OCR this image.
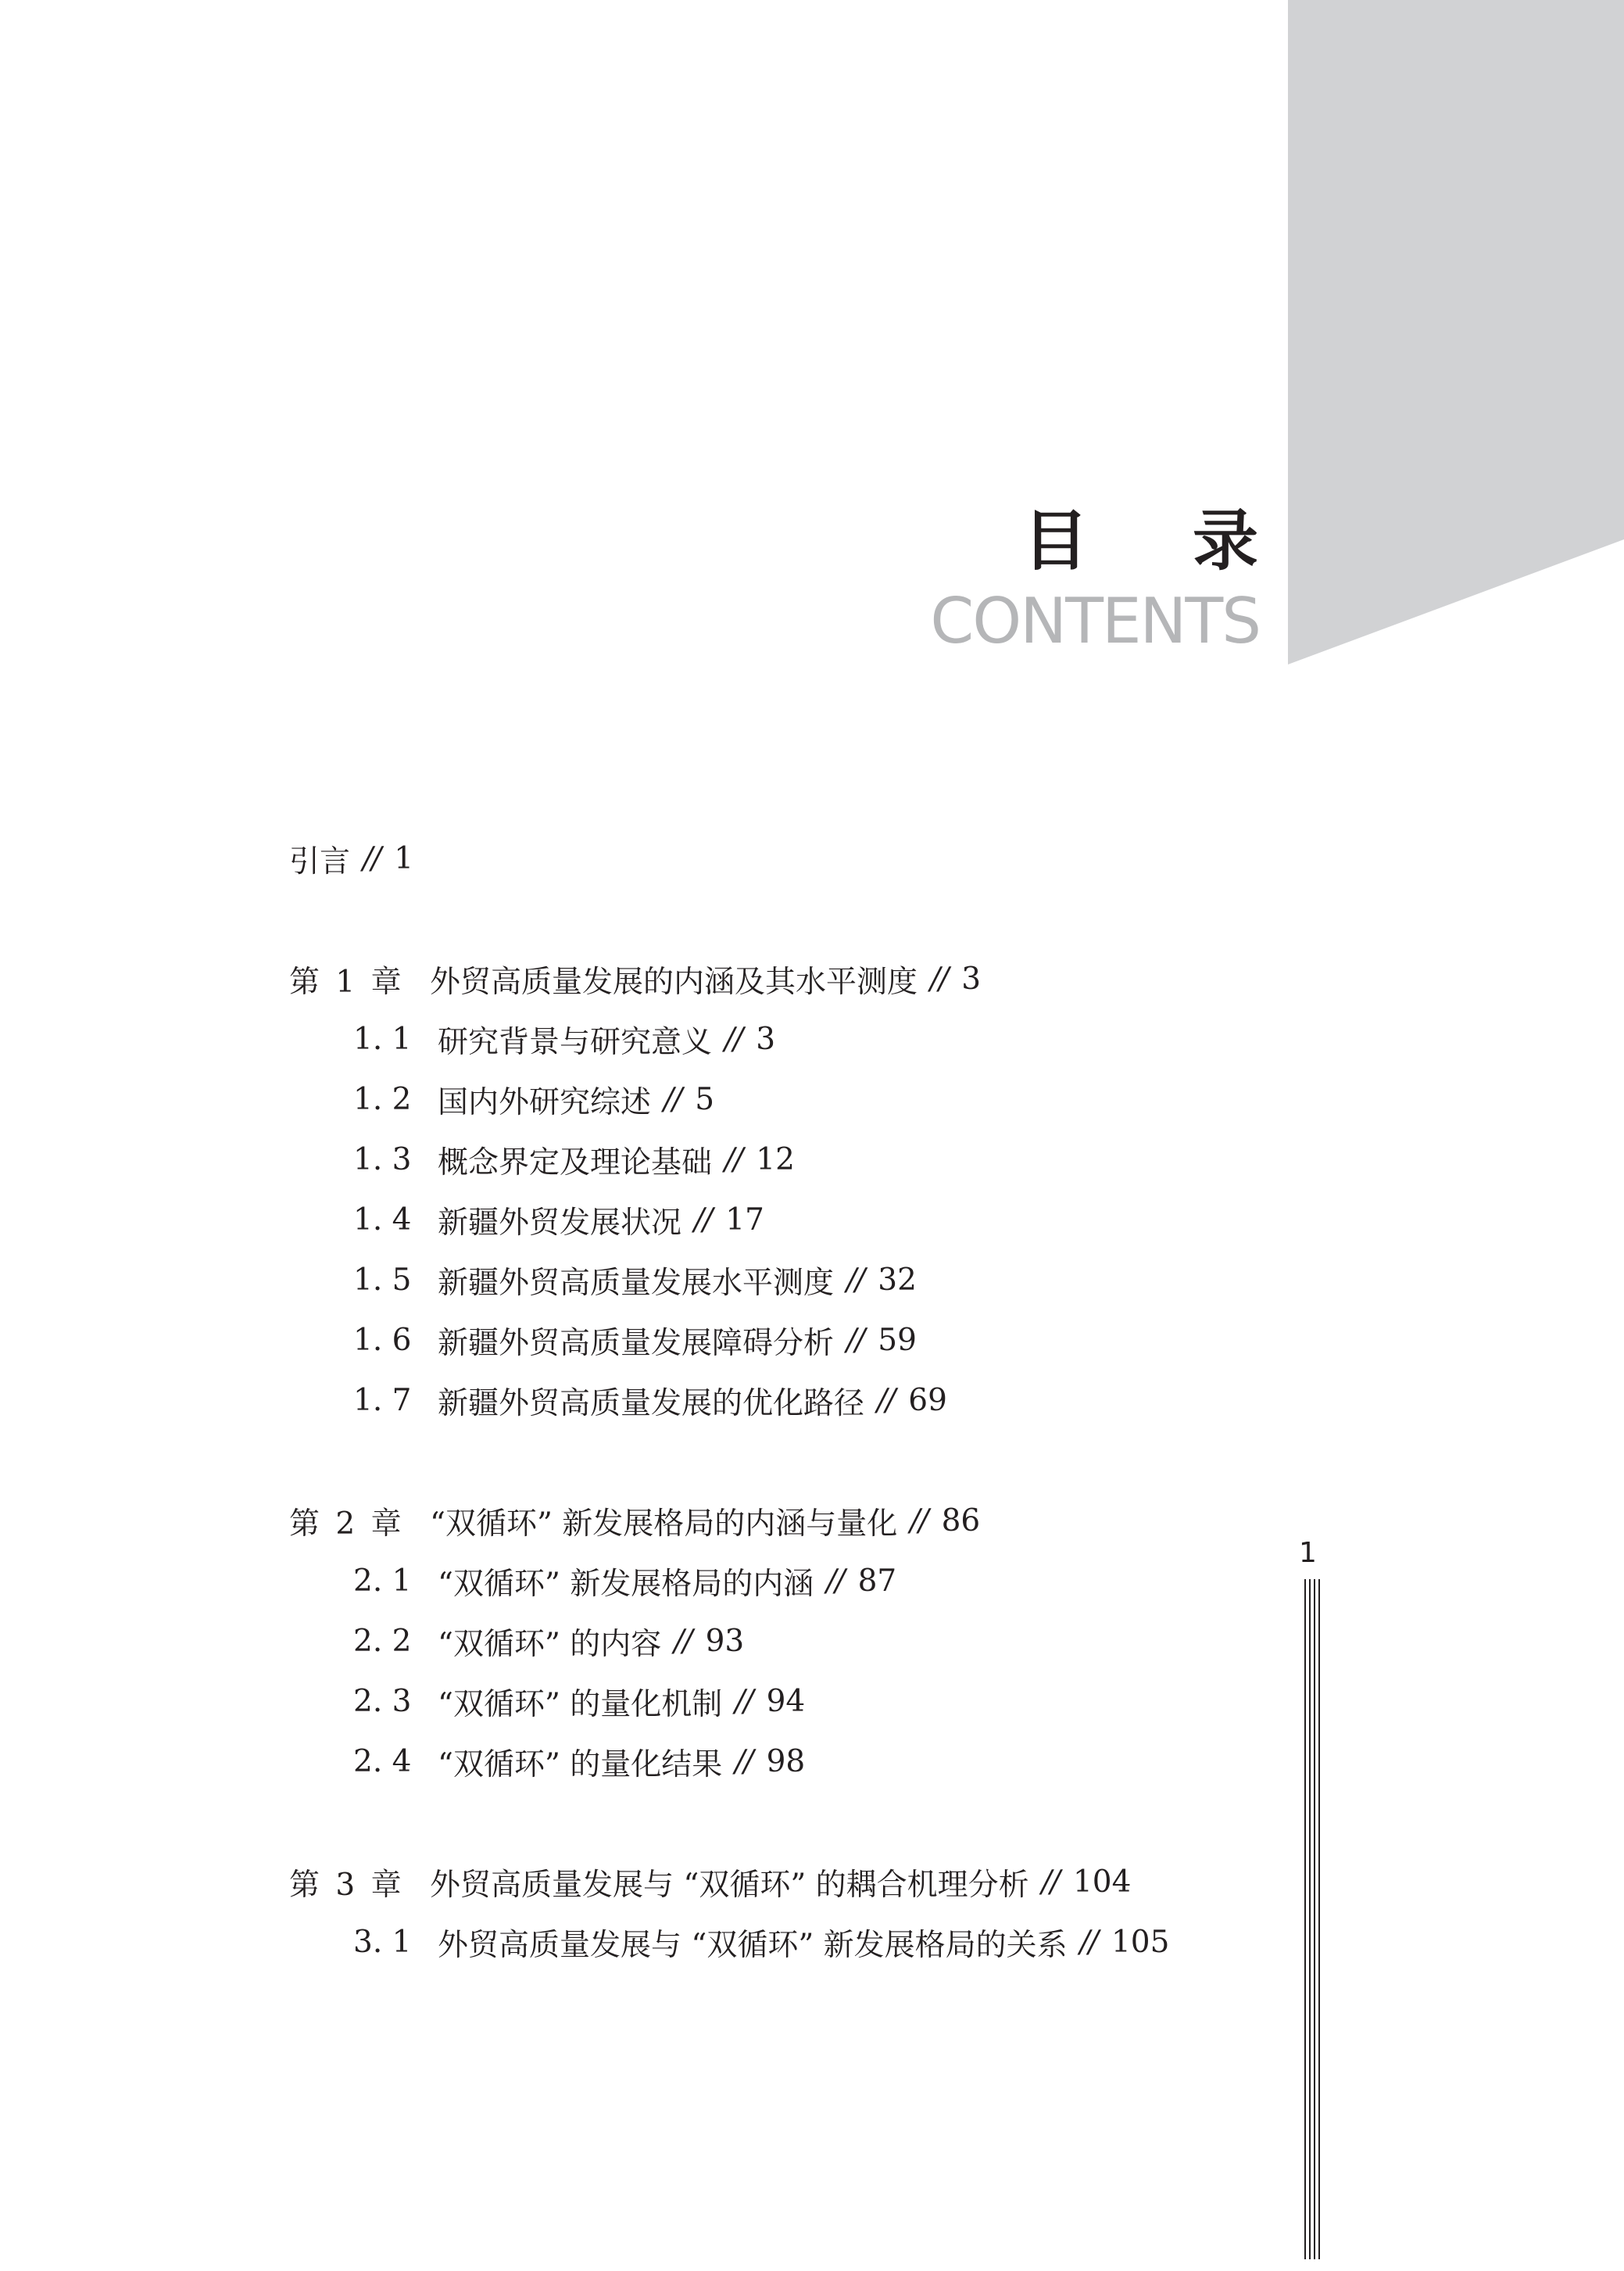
目 录
CONTENTS
引言 // 1
第 1 章 外贸高质量发展的内涵及其水平测度 // 3
1. 1 研究背景与研究意义 // 3
1. 2 国内外研究综述 // 5
1. 3 概念界定及理论基础 // 12
1. 4 新疆外贸发展状况 // 17
1. 5 新疆外贸高质量发展水平测度 // 32
1. 6 新疆外贸高质量发展障碍分析 // 59
1. 7 新疆外贸高质量发展的优化路径 // 69
第 2 章 “双循环” 新发展格局的内涵与量化 // 86
2. 1 “双循环” 新发展格局的内涵 // 87
2. 2 “双循环” 的内容 // 93
2. 3 “双循环” 的量化机制 // 94
2. 4 “双循环” 的量化结果 // 98
第 3 章 外贸高质量发展与 “双循环” 的耦合机理分析 // 104
3. 1 外贸高质量发展与 “双循环” 新发展格局的关系 // 105
1
